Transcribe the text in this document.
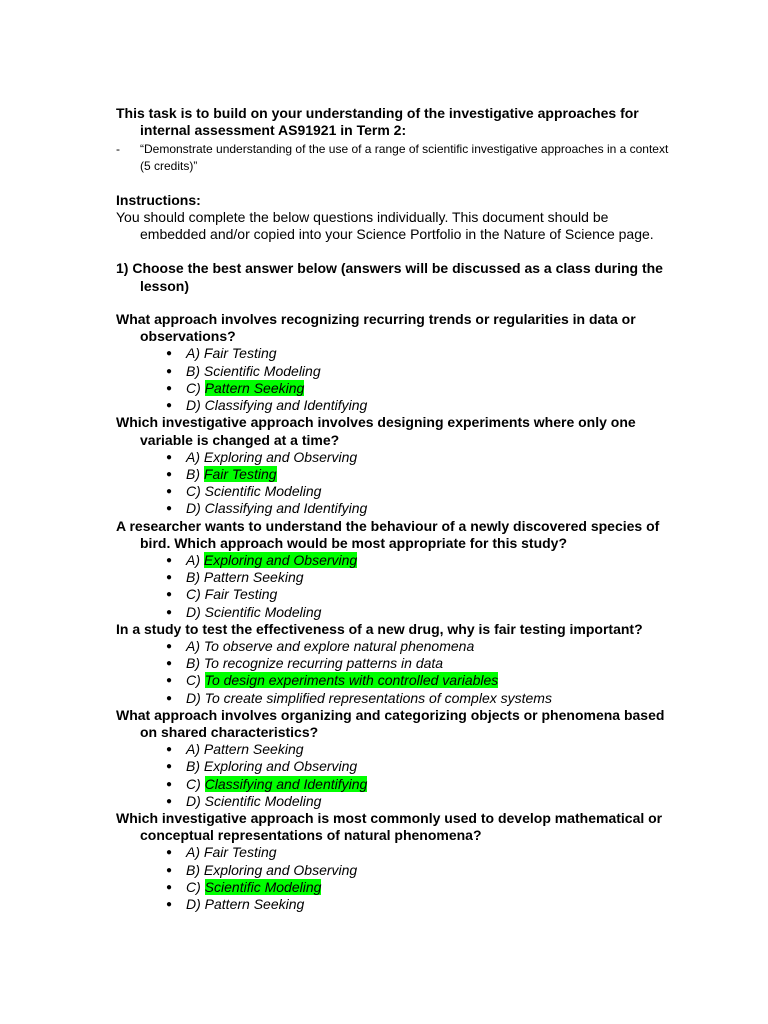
This task is to build on your understanding of the investigative approaches for internal assessment AS91921 in Term 2:
-	“Demonstrate understanding of the use of a range of scientific investigative approaches in a context (5 credits)”
Instructions:
You should complete the below questions individually. This document should be embedded and/or copied into your Science Portfolio in the Nature of Science page.
1) Choose the best answer below (answers will be discussed as a class during the lesson)
What approach involves recognizing recurring trends or regularities in data or observations?
●	A) Fair Testing
●	B) Scientific Modeling
●	C) Pattern Seeking
●	D) Classifying and Identifying
Which investigative approach involves designing experiments where only one variable is changed at a time?
●	A) Exploring and Observing
●	B) Fair Testing
●	C) Scientific Modeling
●	D) Classifying and Identifying
A researcher wants to understand the behaviour of a newly discovered species of bird. Which approach would be most appropriate for this study?
●	A) Exploring and Observing
●	B) Pattern Seeking
●	C) Fair Testing
●	D) Scientific Modeling
In a study to test the effectiveness of a new drug, why is fair testing important?
●	A) To observe and explore natural phenomena
●	B) To recognize recurring patterns in data
●	C) To design experiments with controlled variables
●	D) To create simplified representations of complex systems
What approach involves organizing and categorizing objects or phenomena based on shared characteristics?
●	A) Pattern Seeking
●	B) Exploring and Observing
●	C) Classifying and Identifying
●	D) Scientific Modeling
Which investigative approach is most commonly used to develop mathematical or conceptual representations of natural phenomena?
●	A) Fair Testing
●	B) Exploring and Observing
●	C) Scientific Modeling
●	D) Pattern Seeking
